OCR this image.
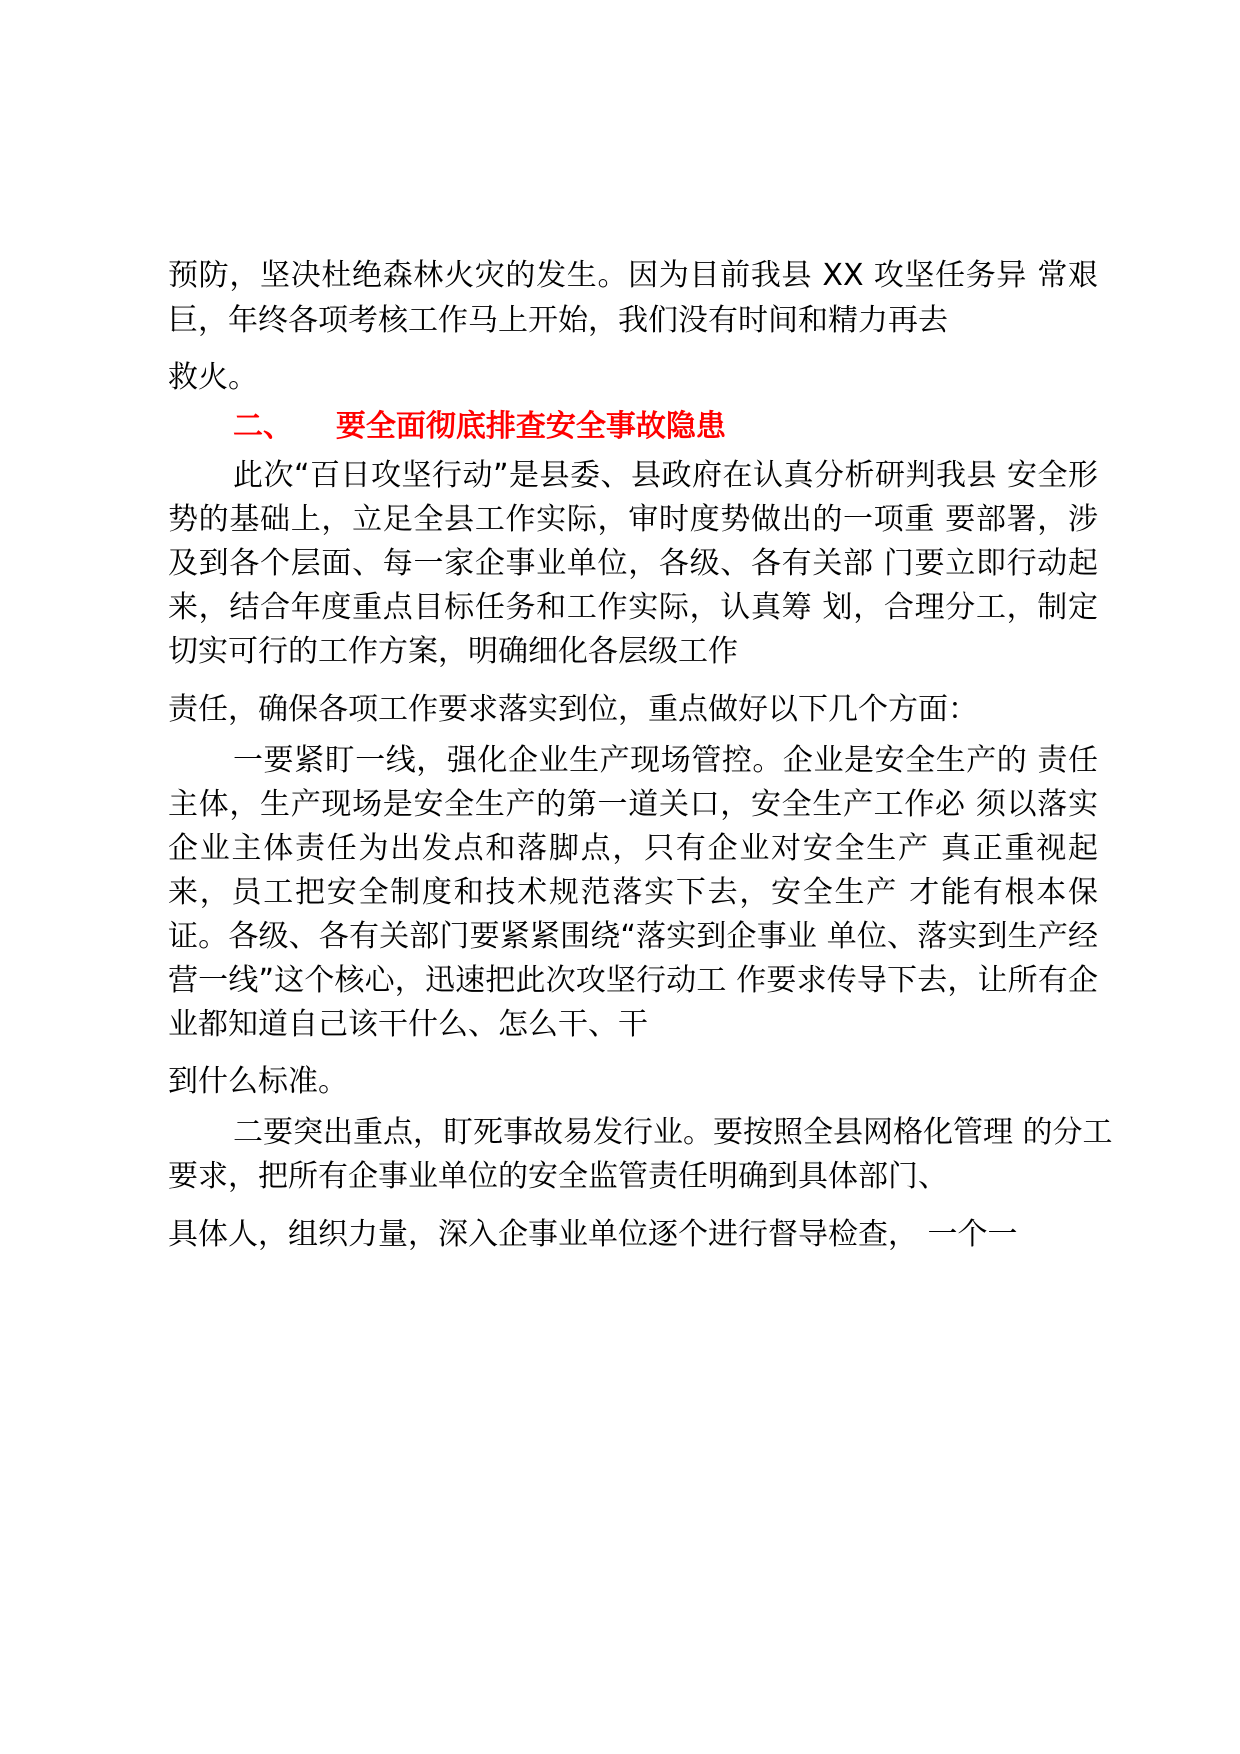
预防，坚决杜绝森林火灾的发生。因为目前我县 XX 攻坚任务异 常艰
巨，年终各项考核工作马上开始，我们没有时间和精力再去
救火。
二、 要全面彻底排查安全事故隐患
此次“百日攻坚行动”是县委、县政府在认真分析研判我县 安全形
势的基础上，立足全县工作实际，审时度势做出的一项重 要部署，涉
及到各个层面、每一家企事业单位，各级、各有关部 门要立即行动起
来，结合年度重点目标任务和工作实际，认真筹 划，合理分工，制定
切实可行的工作方案，明确细化各层级工作
责任，确保各项工作要求落实到位，重点做好以下几个方面：
一要紧盯一线，强化企业生产现场管控。企业是安全生产的 责任
主体，生产现场是安全生产的第一道关口，安全生产工作必 须以落实
企业主体责任为出发点和落脚点，只有企业对安全生产 真正重视起
来，员工把安全制度和技术规范落实下去，安全生产 才能有根本保
证。各级、各有关部门要紧紧围绕“落实到企事业 单位、落实到生产经
营一线”这个核心，迅速把此次攻坚行动工 作要求传导下去，让所有企
业都知道自己该干什么、怎么干、干
到什么标准。
二要突出重点，盯死事故易发行业。要按照全县网格化管理 的分工
要求，把所有企事业单位的安全监管责任明确到具体部门、
具体人，组织力量，深入企事业单位逐个进行督导检查， 一个一
